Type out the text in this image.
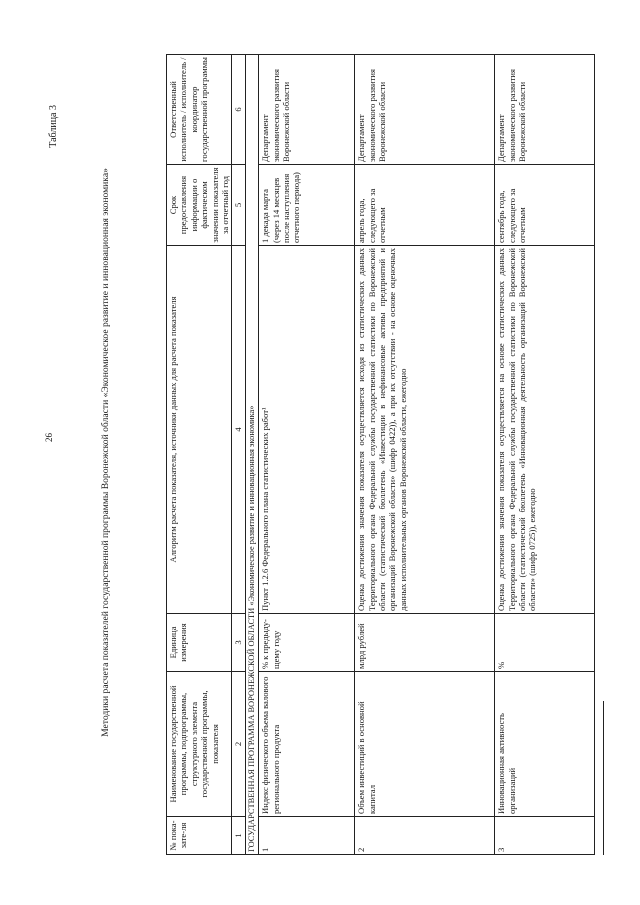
26
Таблица 3
Методики расчета показателей государственной программы Воронежской области «Экономическое развитие и инновационная экономика»
№ пока-зате-ля	Наименование государственной программы, подпрограммы, структурного элемента государственной программы, показателя	Единица измерения	Алгоритм расчета показателя, источники данных для расчета показателя	Срок предоставления информации о фактическом значении показателя за отчетный год	Ответственный исполнитель / исполнитель / координатор государственной программы
1	2	3	4	5	6
ГОСУДАРСТВЕННАЯ ПРОГРАММА ВОРОНЕЖСКОЙ ОБЛАСТИ «Экономическое развитие и инновационная экономика»					
1	Индекс физического объема валового регионального продукта	% к предыду-щему году	Пункт 1.2.6 Федерального плана статистических работ¹	1 декада марта (через 14 месяцев после наступления отчетного периода)	Департамент экономического развития Воронежской области
2	Объем инвестиций в основной капитал	млрд рублей	Оценка достижения значения показателя осуществляется исходя из статистических данных Территориального органа Федеральной службы государственной статистики по Воронежской области (статистический бюллетень «Инвестиции в нефинансовые активы предприятий и организаций Воронежской области» (шифр 0422)), а при их отсутствии - на основе оценочных данных исполнительных органов Воронежской области, ежегодно	апрель года, следующего за отчетным	Департамент экономического развития Воронежской области
3	Инновационная активность организаций	%	Оценка достижения значения показателя осуществляется на основе статистических данных Территориального органа Федеральной службы государственной статистики по Воронежской области (статистический бюллетень «Инновационная деятельность организаций Воронежской области» (шифр 0725)), ежегодно	сентябрь года, следующего за отчетным	Департамент экономического развития Воронежской области
